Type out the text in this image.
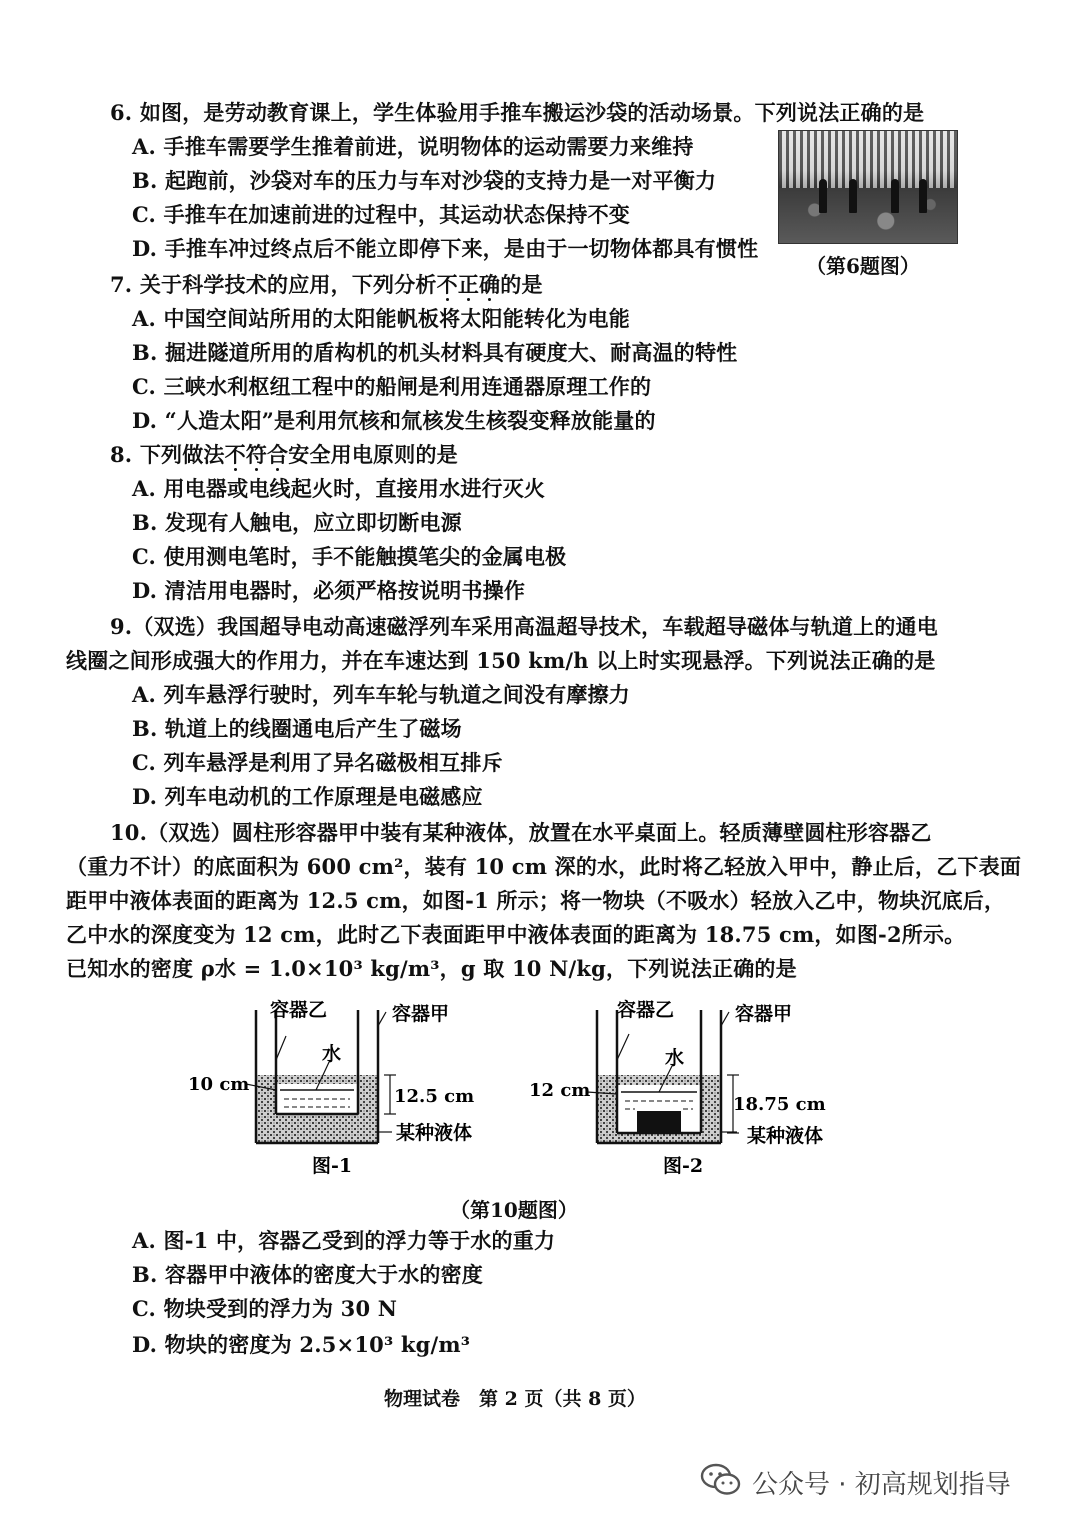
6. 如图，是劳动教育课上，学生体验用手推车搬运沙袋的活动场景。下列说法正确的是
A. 手推车需要学生推着前进，说明物体的运动需要力来维持
B. 起跑前，沙袋对车的压力与车对沙袋的支持力是一对平衡力
C. 手推车在加速前进的过程中，其运动状态保持不变
D. 手推车冲过终点后不能立即停下来，是由于一切物体都具有惯性
（第6题图）
7. 关于科学技术的应用，下列分析不正确的是
A. 中国空间站所用的太阳能帆板将太阳能转化为电能
B. 掘进隧道所用的盾构机的机头材料具有硬度大、耐高温的特性
C. 三峡水利枢纽工程中的船闸是利用连通器原理工作的
D. “人造太阳”是利用氘核和氚核发生核裂变释放能量的
8. 下列做法不符合安全用电原则的是
A. 用电器或电线起火时，直接用水进行灭火
B. 发现有人触电，应立即切断电源
C. 使用测电笔时，手不能触摸笔尖的金属电极
D. 清洁用电器时，必须严格按说明书操作
9.（双选）我国超导电动高速磁浮列车采用高温超导技术，车载超导磁体与轨道上的通电
线圈之间形成强大的作用力，并在车速达到 150 km/h 以上时实现悬浮。下列说法正确的是
A. 列车悬浮行驶时，列车车轮与轨道之间没有摩擦力
B. 轨道上的线圈通电后产生了磁场
C. 列车悬浮是利用了异名磁极相互排斥
D. 列车电动机的工作原理是电磁感应
10.（双选）圆柱形容器甲中装有某种液体，放置在水平桌面上。轻质薄壁圆柱形容器乙
（重力不计）的底面积为 600 cm²，装有 10 cm 深的水，此时将乙轻放入甲中，静止后，乙下表面
距甲中液体表面的距离为 12.5 cm，如图-1 所示；将一物块（不吸水）轻放入乙中，物块沉底后，
乙中水的深度变为 12 cm，此时乙下表面距甲中液体表面的距离为 18.75 cm，如图-2所示。
已知水的密度 ρ水 = 1.0×10³ kg/m³，g 取 10 N/kg，下列说法正确的是
容器乙	容器甲
水
10 cm
12.5 cm
某种液体
图-1
容器乙	容器甲
水
12 cm
18.75 cm
某种液体
图-2
（第10题图）
A. 图-1 中，容器乙受到的浮力等于水的重力
B. 容器甲中液体的密度大于水的密度
C. 物块受到的浮力为 30 N
D. 物块的密度为 2.5×10³ kg/m³
物理试卷　第 2 页（共 8 页）
公众号 · 初高规划指导
